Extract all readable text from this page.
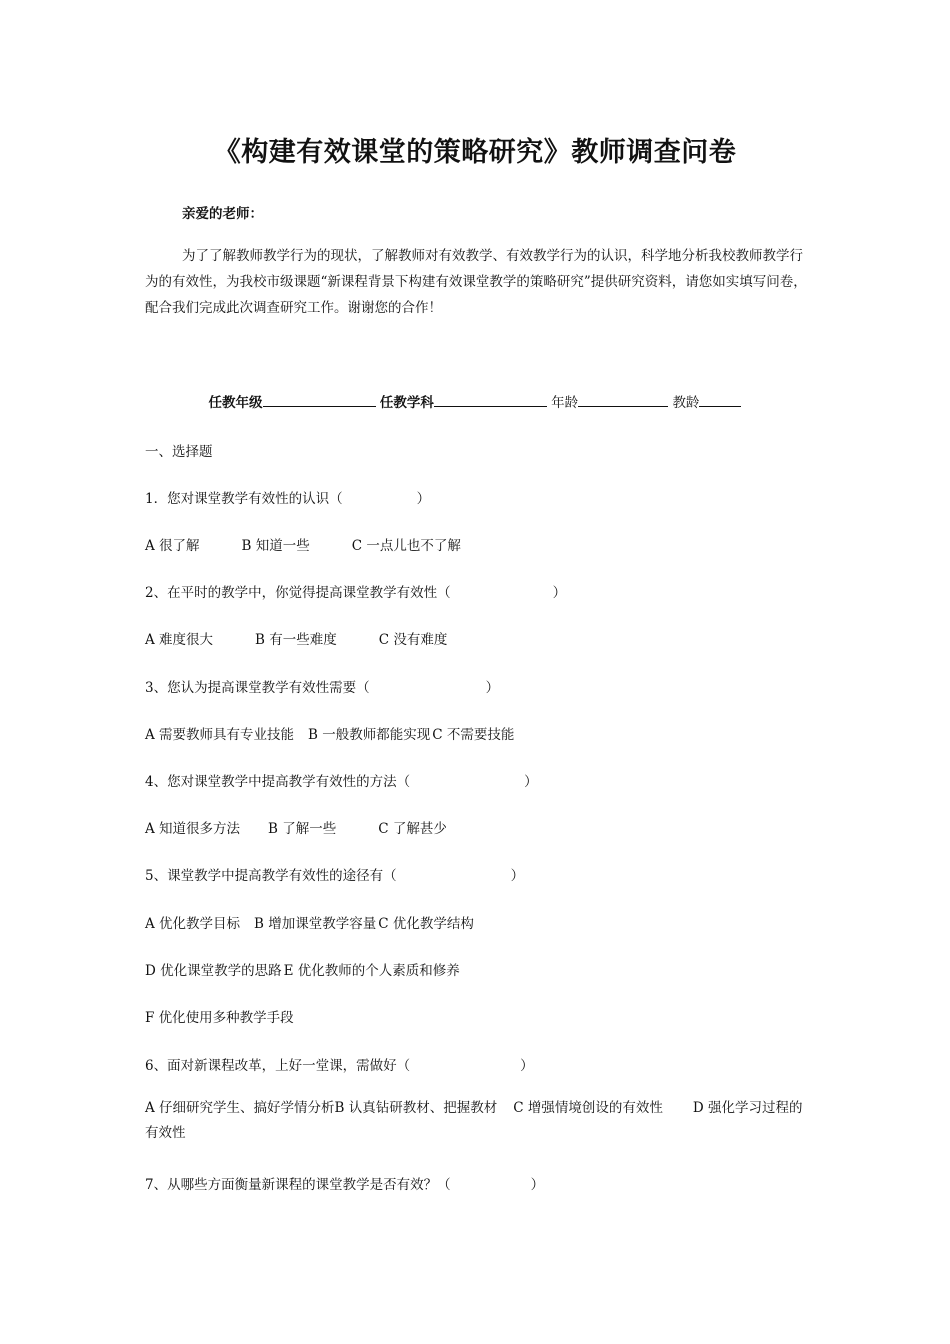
《构建有效课堂的策略研究》教师调查问卷
亲爱的老师：

为了了解教师教学行为的现状，了解教师对有效教学、有效教学行为的认识，科学地分析我校教师教学行为的有效性，为我校市级课题“新课程背景下构建有效课堂教学的策略研究”提供研究资料，请您如实填写问卷，配合我们完成此次调查研究工作。谢谢您的合作！

任教年级	任教学科	年龄	教龄
一、选择题
1．您对课堂教学有效性的认识（	）
A 很了解	B 知道一些	C 一点儿也不了解
2、在平时的教学中，你觉得提高课堂教学有效性（	）
A 难度很大	B 有一些难度	C 没有难度
3、您认为提高课堂教学有效性需要（	）
A 需要教师具有专业技能 B 一般教师都能实现 C 不需要技能
4、您对课堂教学中提高教学有效性的方法（	）
A 知道很多方法 B 了解一些	C 了解甚少
5、课堂教学中提高教学有效性的途径有（	）
A 优化教学目标 B 增加课堂教学容量 C 优化教学结构
D 优化课堂教学的思路 E 优化教师的个人素质和修养
F 优化使用多种教学手段
6、面对新课程改革，上好一堂课，需做好（	）
A 仔细研究学生、搞好学情分析B 认真钻研教材、把握教材 C 增强情境创设的有效性 D 强化学习过程的有效性
7、从哪些方面衡量新课程的课堂教学是否有效？（	）
